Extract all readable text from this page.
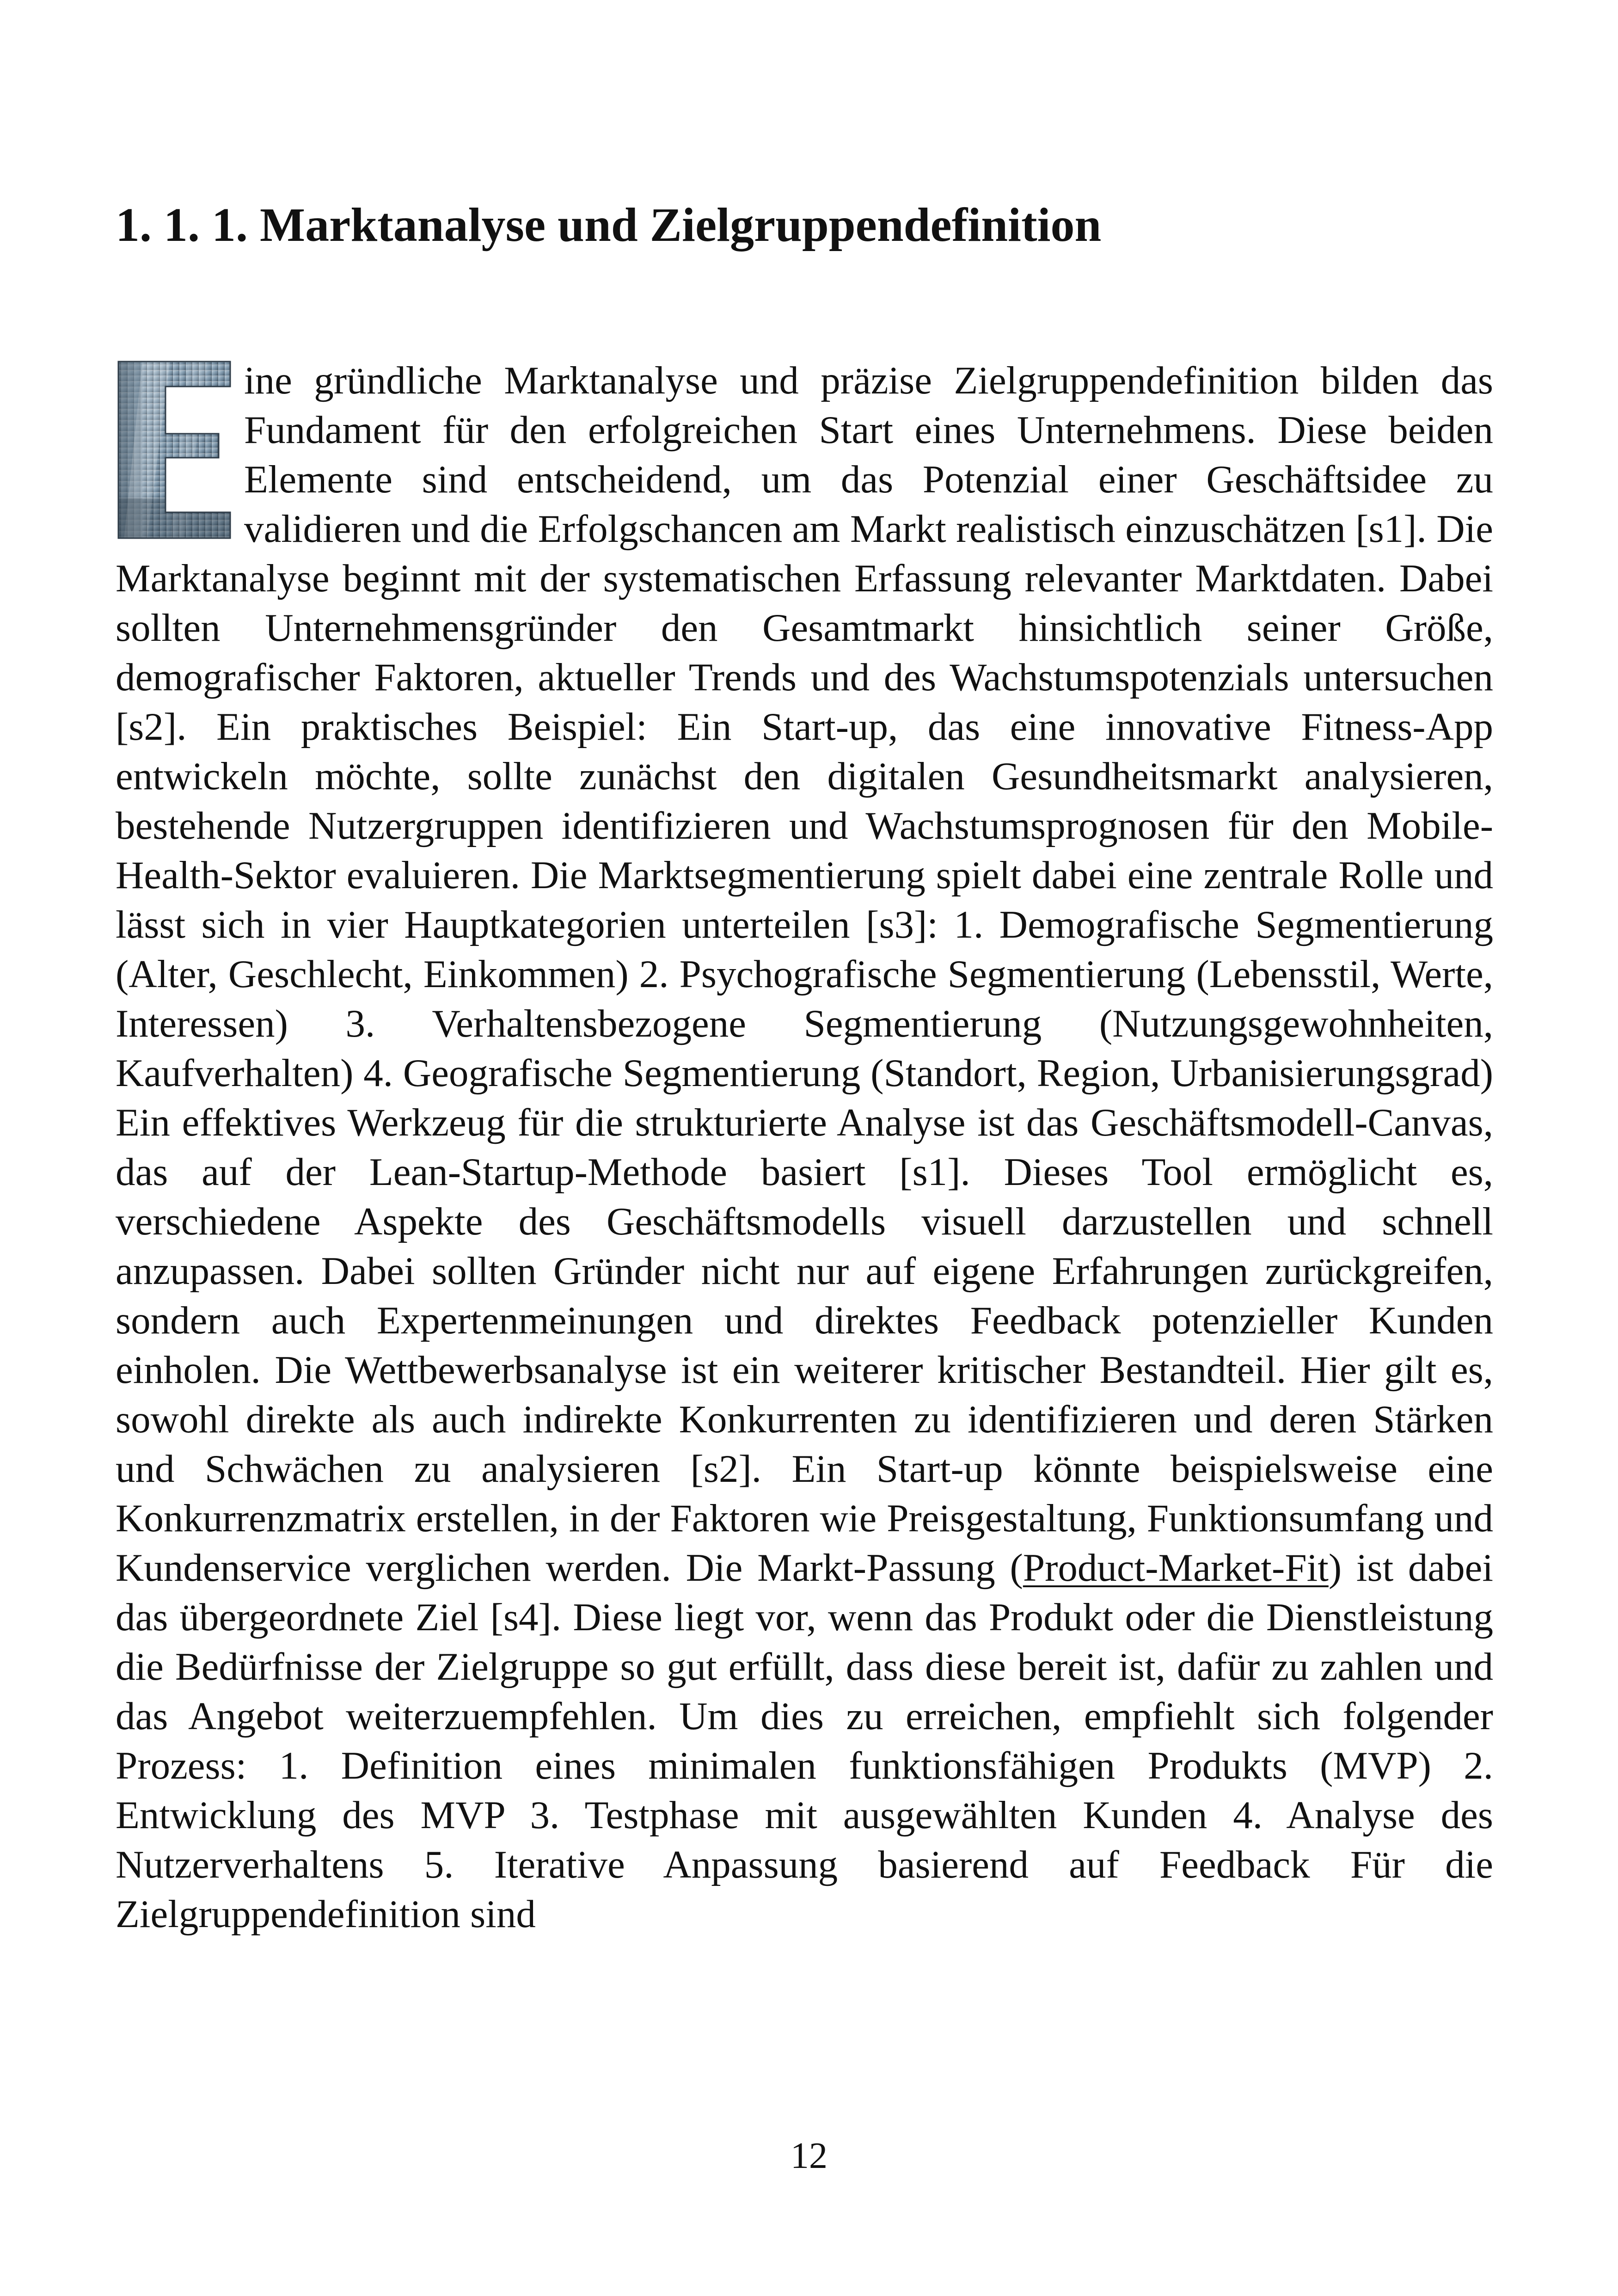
1. 1. 1. Marktanalyse und Zielgruppendefinition

ine gründliche Marktanalyse und präzise Zielgruppendefinition bilden das Fundament für den erfolgreichen Start eines Unternehmens. Diese beiden Elemente sind entscheidend, um das Potenzial einer Geschäftsidee zu validieren und die Erfolgschancen am Markt realistisch einzuschätzen [s1]. Die Marktanalyse beginnt mit der systematischen Erfassung relevanter Marktdaten. Dabei sollten Unternehmensgründer den Gesamtmarkt hinsichtlich seiner Größe, demografischer Faktoren, aktueller Trends und des Wachstumspotenzials untersuchen [s2]. Ein praktisches Beispiel: Ein Start-up, das eine innovative Fitness-App entwickeln möchte, sollte zunächst den digitalen Gesundheitsmarkt analysieren, bestehende Nutzergruppen identifizieren und Wachstumsprognosen für den Mobile-Health-Sektor evaluieren. Die Marktsegmentierung spielt dabei eine zentrale Rolle und lässt sich in vier Hauptkategorien unterteilen [s3]: 1. Demografische Segmentierung (Alter, Geschlecht, Einkommen) 2. Psychografische Segmentierung (Lebensstil, Werte, Interessen) 3. Verhaltensbezogene Segmentierung (Nutzungsgewohnheiten, Kaufverhalten) 4. Geografische Segmentierung (Standort, Region, Urbanisierungsgrad) Ein effektives Werkzeug für die strukturierte Analyse ist das Geschäftsmodell-Canvas, das auf der Lean-Startup-Methode basiert [s1]. Dieses Tool ermöglicht es, verschiedene Aspekte des Geschäftsmodells visuell darzustellen und schnell anzupassen. Dabei sollten Gründer nicht nur auf eigene Erfahrungen zurückgreifen, sondern auch Expertenmeinungen und direktes Feedback potenzieller Kunden einholen. Die Wettbewerbsanalyse ist ein weiterer kritischer Bestandteil. Hier gilt es, sowohl direkte als auch indirekte Konkurrenten zu identifizieren und deren Stärken und Schwächen zu analysieren [s2]. Ein Start-up könnte beispielsweise eine Konkurrenzmatrix erstellen, in der Faktoren wie Preisgestaltung, Funktionsumfang und Kundenservice verglichen werden. Die Markt-Passung (Product-Market-Fit) ist dabei das übergeordnete Ziel [s4]. Diese liegt vor, wenn das Produkt oder die Dienstleistung die Bedürfnisse der Zielgruppe so gut erfüllt, dass diese bereit ist, dafür zu zahlen und das Angebot weiterzuempfehlen. Um dies zu erreichen, empfiehlt sich folgender Prozess: 1. Definition eines minimalen funktionsfähigen Produkts (MVP) 2. Entwicklung des MVP 3. Testphase mit ausgewählten Kunden 4. Analyse des Nutzerverhaltens 5. Iterative Anpassung basierend auf Feedback Für die Zielgruppendefinition sind

12
